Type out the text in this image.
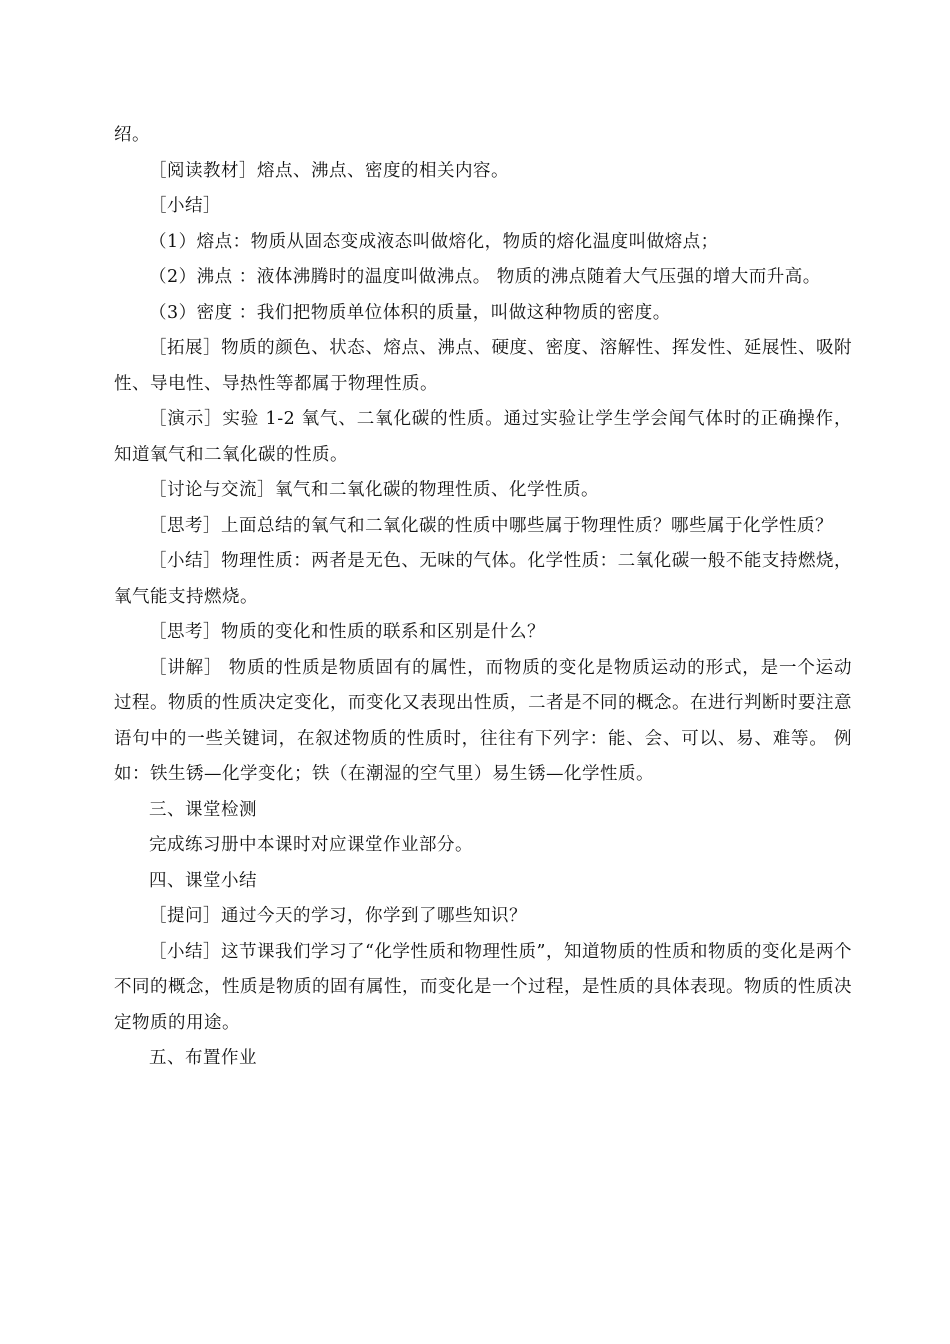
绍。

［阅读教材］熔点、沸点、密度的相关内容。

［小结］

（1）熔点：物质从固态变成液态叫做熔化，物质的熔化温度叫做熔点；

（2）沸点 ：液体沸腾时的温度叫做沸点。 物质的沸点随着大气压强的增大而升高。

（3）密度 ：我们把物质单位体积的质量，叫做这种物质的密度。

［拓展］物质的颜色、状态、熔点、沸点、硬度、密度、溶解性、挥发性、延展性、吸附性、导电性、导热性等都属于物理性质。

［演示］实验 1-2 氧气、二氧化碳的性质。通过实验让学生学会闻气体时的正确操作，知道氧气和二氧化碳的性质。

［讨论与交流］氧气和二氧化碳的物理性质、化学性质。

［思考］上面总结的氧气和二氧化碳的性质中哪些属于物理性质？哪些属于化学性质？

［小结］物理性质：两者是无色、无味的气体。化学性质：二氧化碳一般不能支持燃烧，氧气能支持燃烧。

［思考］物质的变化和性质的联系和区别是什么？

［讲解］ 物质的性质是物质固有的属性，而物质的变化是物质运动的形式，是一个运动过程。物质的性质决定变化，而变化又表现出性质，二者是不同的概念。在进行判断时要注意语句中的一些关键词，在叙述物质的性质时，往往有下列字：能、会、可以、易、难等。 例如：铁生锈—化学变化；铁（在潮湿的空气里）易生锈—化学性质。

三、课堂检测

完成练习册中本课时对应课堂作业部分。

四、课堂小结

［提问］通过今天的学习，你学到了哪些知识？

［小结］这节课我们学习了“化学性质和物理性质”，知道物质的性质和物质的变化是两个不同的概念，性质是物质的固有属性，而变化是一个过程，是性质的具体表现。物质的性质决定物质的用途。

五、布置作业
